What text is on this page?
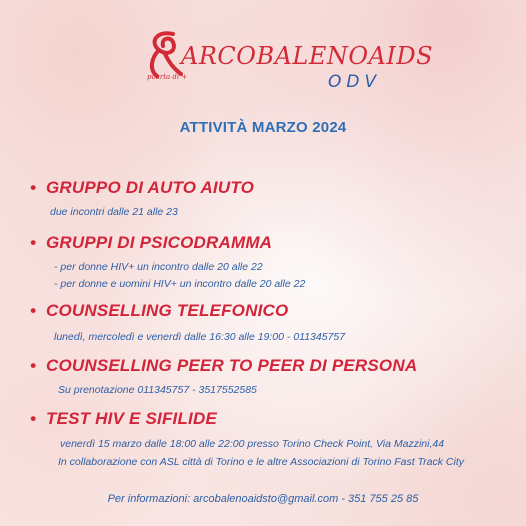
ARCOBALENOAIDS
ODV
poarta di +
ATTIVITÀ MARZO 2024
• GRUPPO DI AUTO AIUTO
due incontri dalle 21 alle 23
• GRUPPI DI PSICODRAMMA
- per donne HIV+ un incontro dalle 20 alle 22
- per donne e uomini HIV+ un incontro dalle 20 alle 22
• COUNSELLING TELEFONICO
lunedì, mercoledì e venerdì dalle 16:30 alle 19:00 - 011345757
• COUNSELLING PEER TO PEER DI PERSONA
Su prenotazione 011345757 - 3517552585
• TEST HIV E SIFILIDE
venerdì 15 marzo dalle 18:00 alle 22:00 presso Torino Check Point, Via Mazzini,44
In collaborazione con ASL città di Torino e le altre Associazioni di Torino Fast Track City
Per informazioni: arcobalenoaidsto@gmail.com - 351 755 25 85
